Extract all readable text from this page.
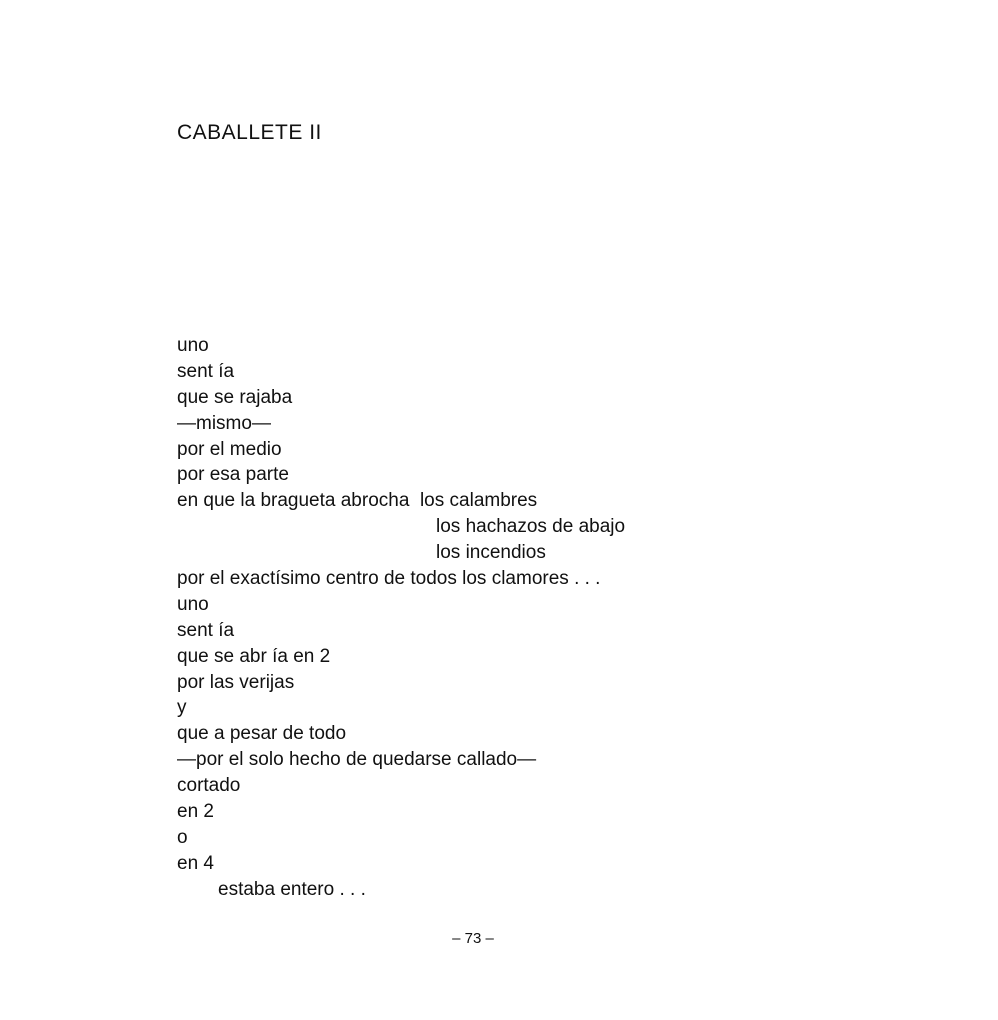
CABALLETE II
uno
sent ía
que se rajaba
—mismo—
por el medio
por esa parte
en que la bragueta abrocha  los calambres
los hachazos de abajo
los incendios
por el exactísimo centro de todos los clamores . . .
uno
sent ía
que se abr ía en 2
por las verijas
y
que a pesar de todo
—por el solo hecho de quedarse callado—
cortado
en 2
o
en 4
estaba entero . . .
– 73 –
